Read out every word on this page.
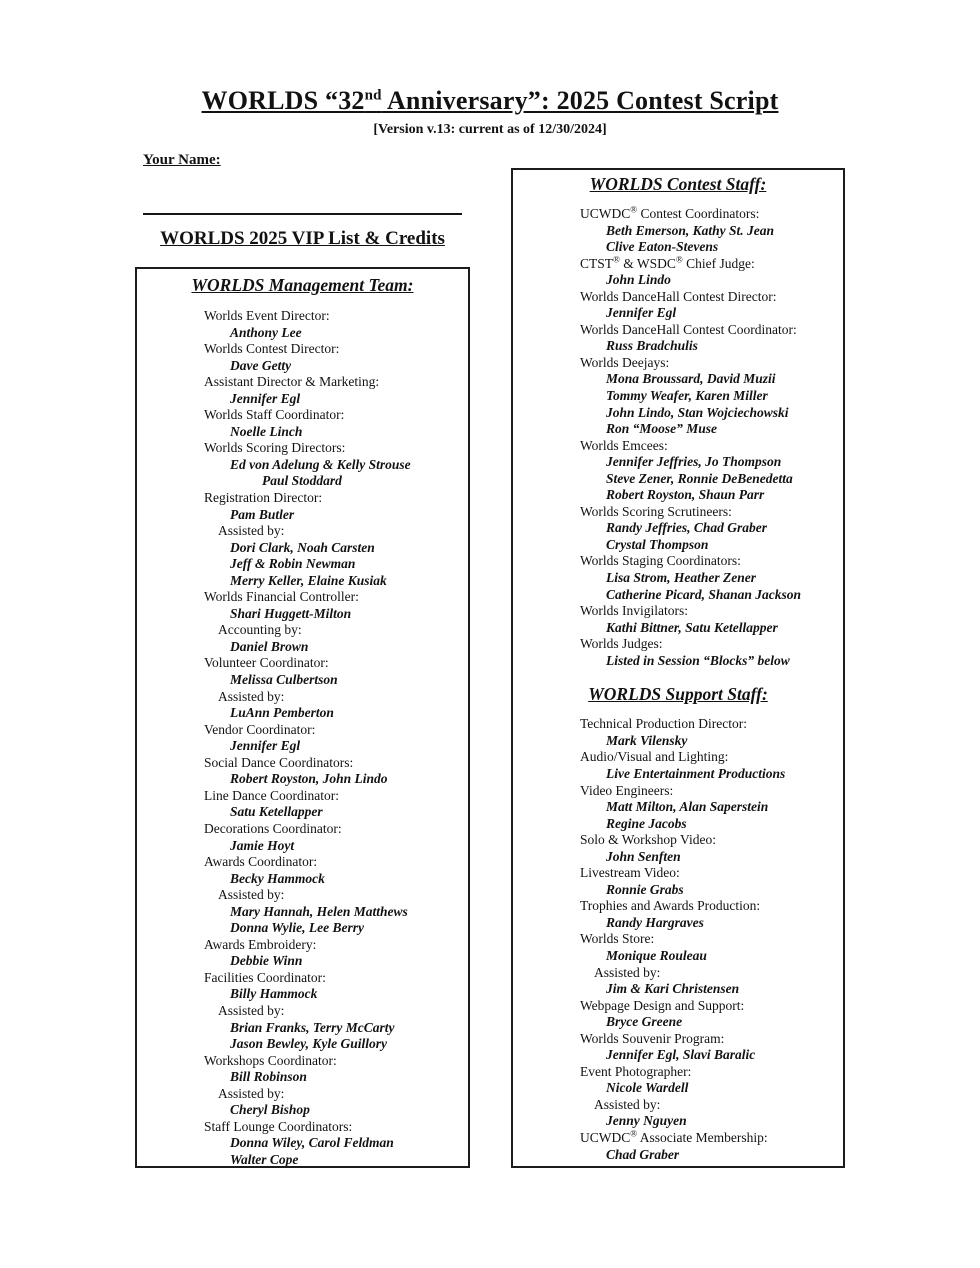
WORLDS “32nd Anniversary”: 2025 Contest Script
[Version v.13: current as of 12/30/2024]
Your Name:
WORLDS 2025 VIP List & Credits
WORLDS Management Team:
Worlds Event Director:
Anthony Lee
Worlds Contest Director:
Dave Getty
Assistant Director & Marketing:
Jennifer Egl
Worlds Staff Coordinator:
Noelle Linch
Worlds Scoring Directors:
Ed von Adelung & Kelly Strouse
Paul Stoddard
Registration Director:
Pam Butler
Assisted by:
Dori Clark, Noah Carsten
Jeff & Robin Newman
Merry Keller, Elaine Kusiak
Worlds Financial Controller:
Shari Huggett-Milton
Accounting by:
Daniel Brown
Volunteer Coordinator:
Melissa Culbertson
Assisted by:
LuAnn Pemberton
Vendor Coordinator:
Jennifer Egl
Social Dance Coordinators:
Robert Royston, John Lindo
Line Dance Coordinator:
Satu Ketellapper
Decorations Coordinator:
Jamie Hoyt
Awards Coordinator:
Becky Hammock
Assisted by:
Mary Hannah, Helen Matthews
Donna Wylie, Lee Berry
Awards Embroidery:
Debbie Winn
Facilities Coordinator:
Billy Hammock
Assisted by:
Brian Franks, Terry McCarty
Jason Bewley, Kyle Guillory
Workshops Coordinator:
Bill Robinson
Assisted by:
Cheryl Bishop
Staff Lounge Coordinators:
Donna Wiley, Carol Feldman
Walter Cope
WORLDS Contest Staff:
UCWDC® Contest Coordinators:
Beth Emerson, Kathy St. Jean
Clive Eaton-Stevens
CTST® & WSDC® Chief Judge:
John Lindo
Worlds DanceHall Contest Director:
Jennifer Egl
Worlds DanceHall Contest Coordinator:
Russ Bradchulis
Worlds Deejays:
Mona Broussard, David Muzii
Tommy Weafer, Karen Miller
John Lindo, Stan Wojciechowski
Ron “Moose” Muse
Worlds Emcees:
Jennifer Jeffries, Jo Thompson
Steve Zener, Ronnie DeBenedetta
Robert Royston, Shaun Parr
Worlds Scoring Scrutineers:
Randy Jeffries, Chad Graber
Crystal Thompson
Worlds Staging Coordinators:
Lisa Strom, Heather Zener
Catherine Picard, Shanan Jackson
Worlds Invigilators:
Kathi Bittner, Satu Ketellapper
Worlds Judges:
Listed in Session “Blocks” below
WORLDS Support Staff:
Technical Production Director:
Mark Vilensky
Audio/Visual and Lighting:
Live Entertainment Productions
Video Engineers:
Matt Milton, Alan Saperstein
Regine Jacobs
Solo & Workshop Video:
John Senften
Livestream Video:
Ronnie Grabs
Trophies and Awards Production:
Randy Hargraves
Worlds Store:
Monique Rouleau
Assisted by:
Jim & Kari Christensen
Webpage Design and Support:
Bryce Greene
Worlds Souvenir Program:
Jennifer Egl, Slavi Baralic
Event Photographer:
Nicole Wardell
Assisted by:
Jenny Nguyen
UCWDC® Associate Membership:
Chad Graber
